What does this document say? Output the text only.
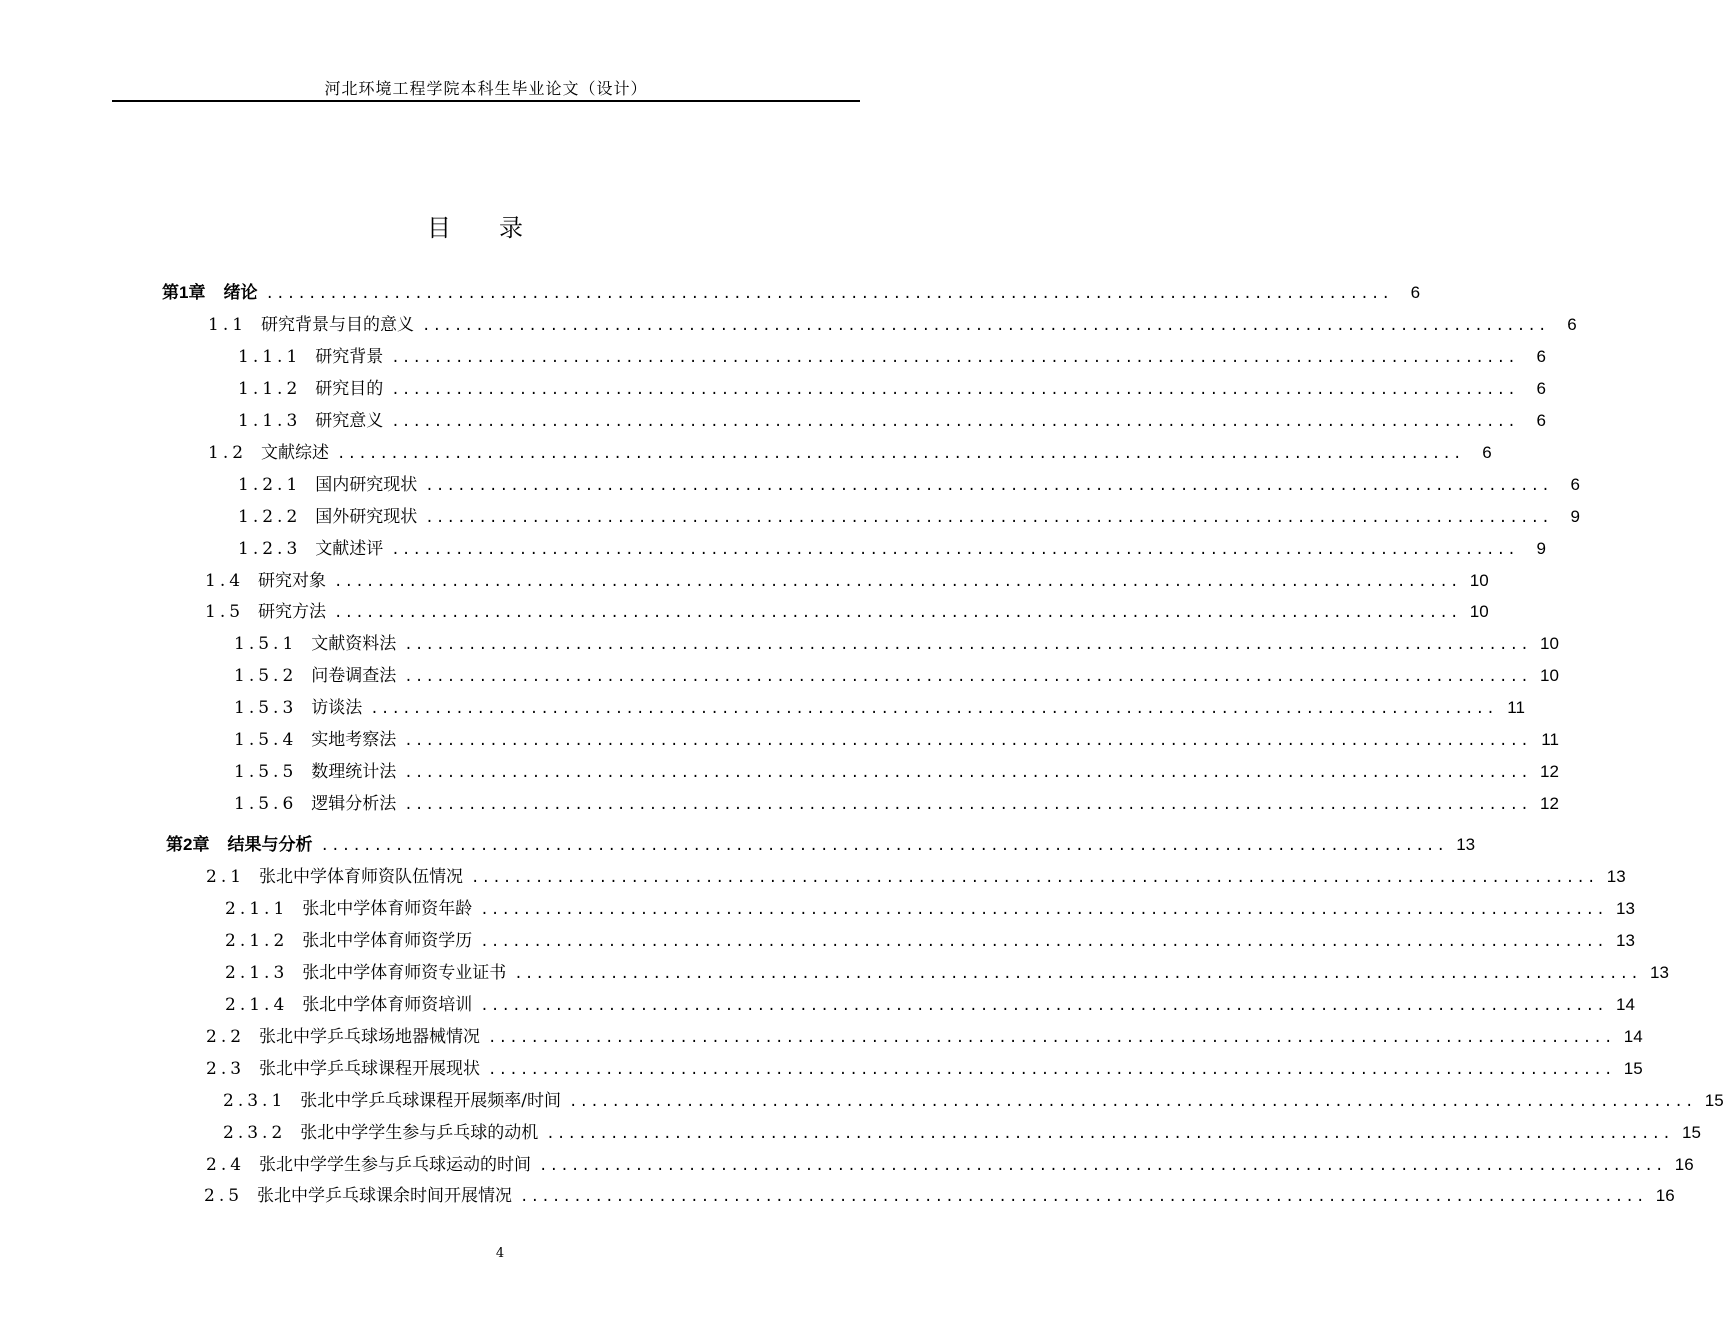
河北环境工程学院本科生毕业论文（设计）
目 录
第1章 绪论 ..........................................................................................................	6
1.1 研究背景与目的意义 ..........................................................................................................	6
1.1.1 研究背景 ..........................................................................................................	6
1.1.2 研究目的 ..........................................................................................................	6
1.1.3 研究意义 ..........................................................................................................	6
1.2 文献综述 ..........................................................................................................	6
1.2.1 国内研究现状 ..........................................................................................................	6
1.2.2 国外研究现状 ..........................................................................................................	9
1.2.3 文献述评 ..........................................................................................................	9
1.4 研究对象 .......................................................................................................... 10
1.5 研究方法 .......................................................................................................... 10
1.5.1 文献资料法 .......................................................................................................... 10
1.5.2 问卷调查法 .......................................................................................................... 10
1.5.3 访谈法 .......................................................................................................... 11
1.5.4 实地考察法 .......................................................................................................... 11
1.5.5 数理统计法 .......................................................................................................... 12
1.5.6 逻辑分析法 .......................................................................................................... 12
第2章 结果与分析 .......................................................................................................... 13
2.1 张北中学体育师资队伍情况 .......................................................................................................... 13
2.1.1 张北中学体育师资年龄 .......................................................................................................... 13
2.1.2 张北中学体育师资学历 .......................................................................................................... 13
2.1.3 张北中学体育师资专业证书 .......................................................................................................... 13
2.1.4 张北中学体育师资培训 .......................................................................................................... 14
2.2 张北中学乒乓球场地器械情况 .......................................................................................................... 14
2.3 张北中学乒乓球课程开展现状 .......................................................................................................... 15
2.3.1 张北中学乒乓球课程开展频率/时间 .......................................................................................................... 15
2.3.2 张北中学学生参与乒乓球的动机 .......................................................................................................... 15
2.4 张北中学学生参与乒乓球运动的时间 .......................................................................................................... 16
2.5 张北中学乒乓球课余时间开展情况 .......................................................................................................... 16
4
